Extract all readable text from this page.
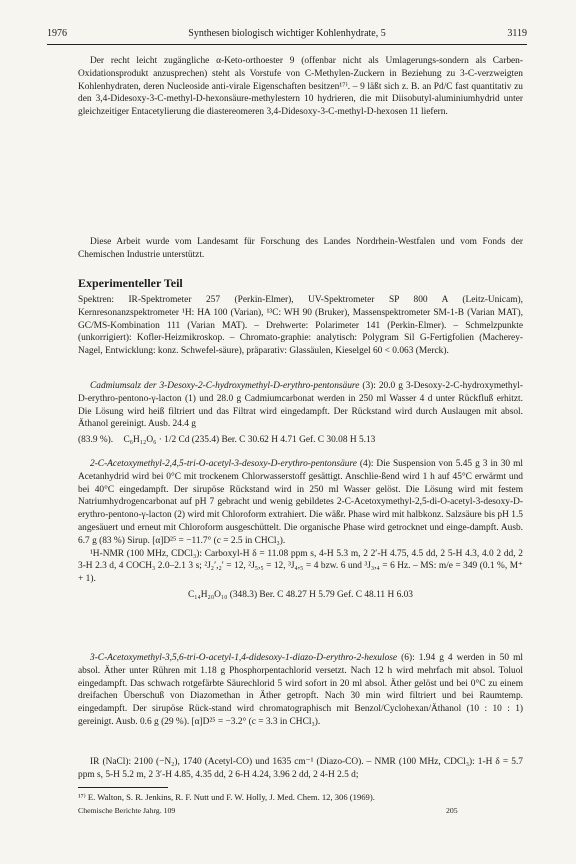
1976	Synthesen biologisch wichtiger Kohlenhydrate, 5	3119

Der recht leicht zugängliche α-Keto-orthoester 9 (offenbar nicht als Umlagerungs-sondern als Carben-Oxidationsprodukt anzusprechen) steht als Vorstufe von C-Methylen-Zuckern in Beziehung zu 3-C-verzweigten Kohlenhydraten, deren Nucleoside anti-virale Eigenschaften besitzen¹⁷⁾. – 9 läßt sich z. B. an Pd/C fast quantitativ zu den 3,4-Didesoxy-3-C-methyl-D-hexonsäure-methylestern 10 hydrieren, die mit Diisobutyl-aluminiumhydrid unter gleichzeitiger Entacetylierung die diastereomeren 3,4-Didesoxy-3-C-methyl-D-hexosen 11 liefern.

Diese Arbeit wurde vom Landesamt für Forschung des Landes Nordrhein-Westfalen und vom Fonds der Chemischen Industrie unterstützt.

Experimenteller Teil

Spektren: IR-Spektrometer 257 (Perkin-Elmer), UV-Spektrometer SP 800 A (Leitz-Unicam), Kernresonanzspektrometer ¹H: HA 100 (Varian), ¹³C: WH 90 (Bruker), Massenspektrometer SM-1-B (Varian MAT), GC/MS-Kombination 111 (Varian MAT). – Drehwerte: Polarimeter 141 (Perkin-Elmer). – Schmelzpunkte (unkorrigiert): Kofler-Heizmikroskop. – Chromato-graphie: analytisch: Polygram Sil G-Fertigfolien (Macherey-Nagel, Entwicklung: konz. Schwefel-säure), präparativ: Glassäulen, Kieselgel 60 < 0.063 (Merck).

Cadmiumsalz der 3-Desoxy-2-C-hydroxymethyl-D-erythro-pentonsäure (3): 20.0 g 3-Desoxy-2-C-hydroxymethyl-D-erythro-pentono-γ-lacton (1) und 28.0 g Cadmiumcarbonat werden in 250 ml Wasser 4 d unter Rückfluß erhitzt. Die Lösung wird heiß filtriert und das Filtrat wird eingedampft. Der Rückstand wird durch Auslaugen mit absol. Äthanol gereinigt. Ausb. 24.4 g

(83.9 %). C₆H₁₂O₆ · 1/2 Cd (235.4) Ber. C 30.62 H 4.71 Gef. C 30.08 H 5.13

2-C-Acetoxymethyl-2,4,5-tri-O-acetyl-3-desoxy-D-erythro-pentonsäure (4): Die Suspension von 5.45 g 3 in 30 ml Acetanhydrid wird bei 0°C mit trockenem Chlorwasserstoff gesättigt. Anschlie-ßend wird 1 h auf 45°C erwärmt und bei 40°C eingedampft. Der sirupöse Rückstand wird in 250 ml Wasser gelöst. Die Lösung wird mit festem Natriumhydrogencarbonat auf pH 7 gebracht und wenig gebildetes 2-C-Acetoxymethyl-2,5-di-O-acetyl-3-desoxy-D-erythro-pentono-γ-lacton (2) wird mit Chloroform extrahiert. Die wäßr. Phase wird mit halbkonz. Salzsäure bis pH 1.5 angesäuert und erneut mit Chloroform ausgeschüttelt. Die organische Phase wird getrocknet und einge-dampft. Ausb. 6.7 g (83 %) Sirup. [α]D²⁵ = −11.7° (c = 2.5 in CHCl₃).

¹H-NMR (100 MHz, CDCl₃): Carboxyl-H δ = 11.08 ppm s, 4-H 5.3 m, 2 2′-H 4.75, 4.5 dd, 2 5-H 4.3, 4.0 2 dd, 2 3-H 2.3 d, 4 COCH₃ 2.0–2.1 3 s; ²J₂′,₂′ = 12, ²J₅,₅ = 12, ³J₄,₅ = 4 bzw. 6 und ³J₃,₄ = 6 Hz. – MS: m/e = 349 (0.1 %, M⁺ + 1).

C₁₄H₂₀O₁₀ (348.3) Ber. C 48.27 H 5.79 Gef. C 48.11 H 6.03

3-C-Acetoxymethyl-3,5,6-tri-O-acetyl-1,4-didesoxy-1-diazo-D-erythro-2-hexulose (6): 1.94 g 4 werden in 50 ml absol. Äther unter Rühren mit 1.18 g Phosphorpentachlorid versetzt. Nach 12 h wird mehrfach mit absol. Toluol eingedampft. Das schwach rotgefärbte Säurechlorid 5 wird sofort in 20 ml absol. Äther gelöst und bei 0°C zu einem dreifachen Überschuß von Diazomethan in Äther getropft. Nach 30 min wird filtriert und bei Raumtemp. eingedampft. Der sirupöse Rück-stand wird chromatographisch mit Benzol/Cyclohexan/Äthanol (10 : 10 : 1) gereinigt. Ausb. 0.6 g (29 %). [α]D²⁵ = −3.2° (c = 3.3 in CHCl₃).

IR (NaCl): 2100 (−N₂), 1740 (Acetyl-CO) und 1635 cm⁻¹ (Diazo-CO). – NMR (100 MHz, CDCl₃): 1-H δ = 5.7 ppm s, 5-H 5.2 m, 2 3′-H 4.85, 4.35 dd, 2 6-H 4.24, 3.96 2 dd, 2 4-H 2.5 d;

¹⁷⁾ E. Walton, S. R. Jenkins, R. F. Nutt und F. W. Holly, J. Med. Chem. 12, 306 (1969).

Chemische Berichte Jahrg. 109	205
